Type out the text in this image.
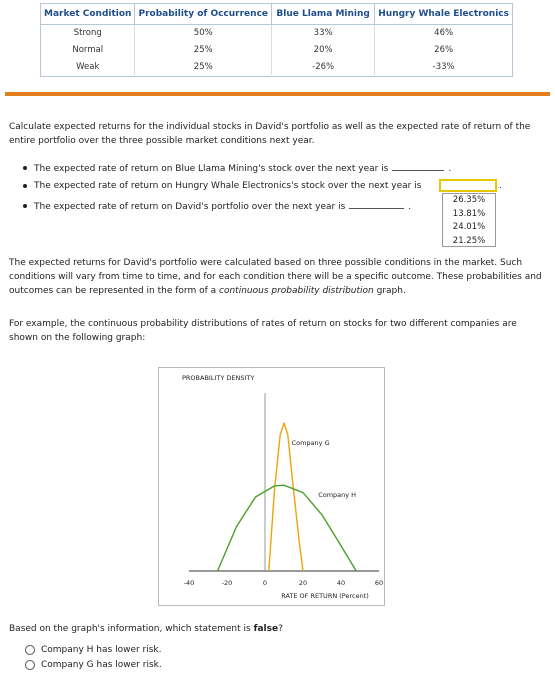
Market Condition	Probability of Occurrence	Blue Llama Mining	Hungry Whale Electronics
Strong	50%	33%	46%
Normal	25%	20%	26%
Weak	25%	-26%	-33%
Calculate expected returns for the individual stocks in David's portfolio as well as the expected rate of return of the entire portfolio over the three possible market conditions next year.
The expected rate of return on Blue Llama Mining's stock over the next year is	.
The expected rate of return on Hungry Whale Electronics's stock over the next year is	.
The expected rate of return on David's portfolio over the next year is	.
26.35%
13.81%
24.01%
21.25%
The expected returns for David's portfolio were calculated based on three possible conditions in the market. Such conditions will vary from time to time, and for each condition there will be a specific outcome. These probabilities and outcomes can be represented in the form of a continuous probability distribution graph.
For example, the continuous probability distributions of rates of return on stocks for two different companies are shown on the following graph:
PROBABILITY DENSITY
RATE OF RETURN (Percent)
-40	-20	0	20	40	60
Company G
Company H
Based on the graph's information, which statement is false?
Company H has lower risk.
Company G has lower risk.
